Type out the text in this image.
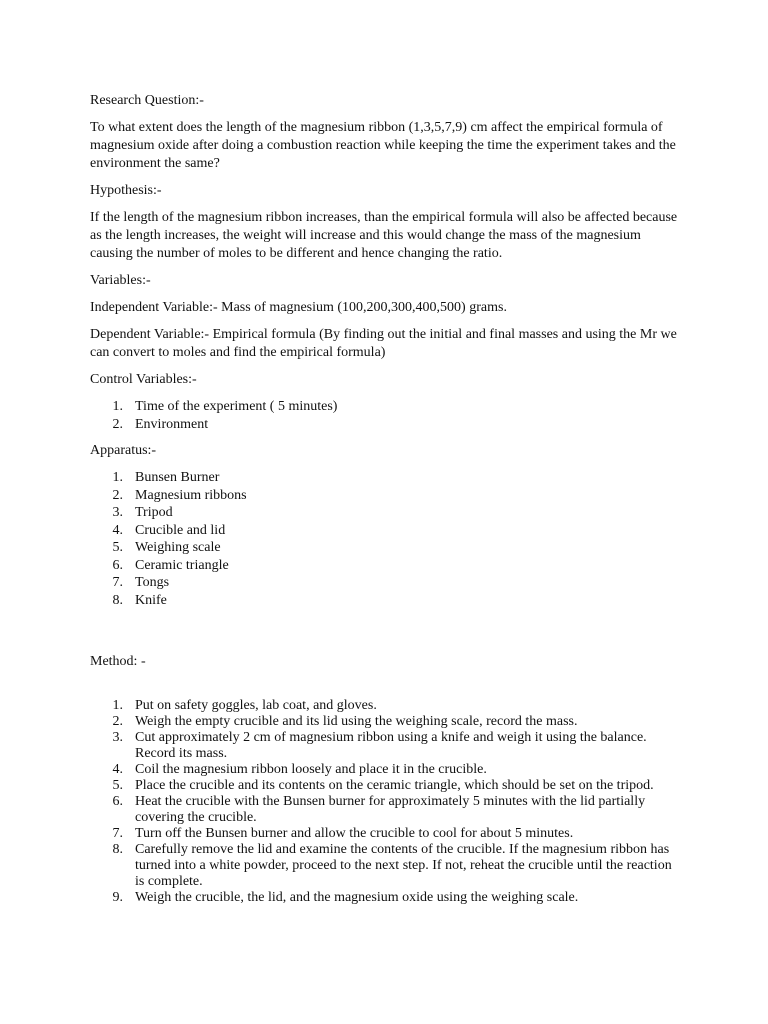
Research Question:-
To what extent does the length of the magnesium ribbon (1,3,5,7,9) cm affect the empirical formula of magnesium oxide after doing a combustion reaction while keeping the time the experiment takes and the environment the same?
Hypothesis:-
If the length of the magnesium ribbon increases, than the empirical formula will also be affected because as the length increases, the weight will increase and this would change the mass of the magnesium causing the number of moles to be different and hence changing the ratio.
Variables:-
Independent Variable:- Mass of magnesium (100,200,300,400,500) grams.
Dependent Variable:- Empirical formula (By finding out the initial and final masses and using the Mr we can convert to moles and find the empirical formula)
Control Variables:-
1. Time of the experiment ( 5 minutes)
2. Environment
Apparatus:-
1. Bunsen Burner
2. Magnesium ribbons
3. Tripod
4. Crucible and lid
5. Weighing scale
6. Ceramic triangle
7. Tongs
8. Knife
Method: -
1. Put on safety goggles, lab coat, and gloves.
2. Weigh the empty crucible and its lid using the weighing scale, record the mass.
3. Cut approximately 2 cm of magnesium ribbon using a knife and weigh it using the balance. Record its mass.
4. Coil the magnesium ribbon loosely and place it in the crucible.
5. Place the crucible and its contents on the ceramic triangle, which should be set on the tripod.
6. Heat the crucible with the Bunsen burner for approximately 5 minutes with the lid partially covering the crucible.
7. Turn off the Bunsen burner and allow the crucible to cool for about 5 minutes.
8. Carefully remove the lid and examine the contents of the crucible. If the magnesium ribbon has turned into a white powder, proceed to the next step. If not, reheat the crucible until the reaction is complete.
9. Weigh the crucible, the lid, and the magnesium oxide using the weighing scale.
